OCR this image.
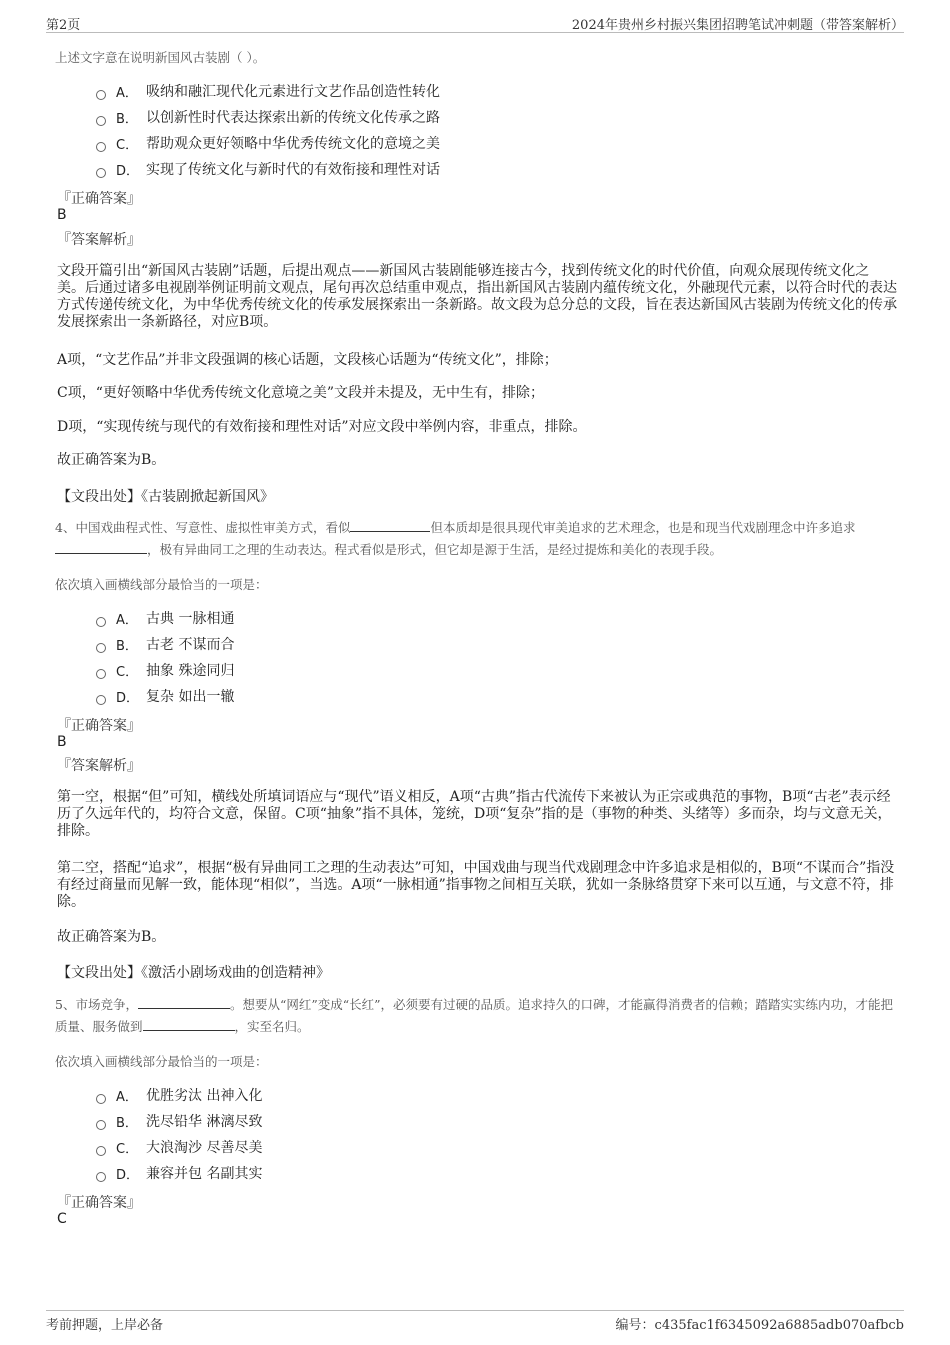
第2页	2024年贵州乡村振兴集团招聘笔试冲刺题（带答案解析）
上述文字意在说明新国风古装剧（ ）。
A． 吸纳和融汇现代化元素进行文艺作品创造性转化
B． 以创新性时代表达探索出新的传统文化传承之路
C． 帮助观众更好领略中华优秀传统文化的意境之美
D． 实现了传统文化与新时代的有效衔接和理性对话
『正确答案』
B
『答案解析』

文段开篇引出“新国风古装剧”话题，后提出观点——新国风古装剧能够连接古今，找到传统文化的时代价值，向观众展现传统文化之美。后通过诸多电视剧举例证明前文观点，尾句再次总结重申观点，指出新国风古装剧内蕴传统文化，外融现代元素，以符合时代的表达方式传递传统文化，为中华优秀传统文化的传承发展探索出一条新路。故文段为总分总的文段，旨在表达新国风古装剧为传统文化的传承发展探索出一条新路径，对应B项。

A项，“文艺作品”并非文段强调的核心话题，文段核心话题为“传统文化”，排除；

C项，“更好领略中华优秀传统文化意境之美”文段并未提及，无中生有，排除；

D项，“实现传统与现代的有效衔接和理性对话”对应文段中举例内容，非重点，排除。

故正确答案为B。

【文段出处】《古装剧掀起新国风》
4、中国戏曲程式性、写意性、虚拟性审美方式，看似	但本质却是很具现代审美追求的艺术理念，也是和现当代戏剧理念中许多追求，极有异曲同工之理的生动表达。程式看似是形式，但它却是源于生活，是经过提炼和美化的表现手段。
依次填入画横线部分最恰当的一项是：
A． 古典 一脉相通
B． 古老 不谋而合
C． 抽象 殊途同归
D． 复杂 如出一辙
『正确答案』
B
『答案解析』

第一空，根据“但”可知，横线处所填词语应与“现代”语义相反，A项“古典”指古代流传下来被认为正宗或典范的事物，B项“古老”表示经历了久远年代的，均符合文意，保留。C项“抽象”指不具体，笼统，D项“复杂”指的是（事物的种类、头绪等）多而杂，均与文意无关，排除。

第二空，搭配“追求”，根据“极有异曲同工之理的生动表达”可知，中国戏曲与现当代戏剧理念中许多追求是相似的，B项“不谋而合”指没有经过商量而见解一致，能体现“相似”，当选。A项“一脉相通”指事物之间相互关联，犹如一条脉络贯穿下来可以互通，与文意不符，排除。

故正确答案为B。

【文段出处】《激活小剧场戏曲的创造精神》
5、市场竞争，	。想要从“网红”变成“长红”，必须要有过硬的品质。追求持久的口碑，才能赢得消费者的信赖；踏踏实实练内功，才能把质量、服务做到	，实至名归。
依次填入画横线部分最恰当的一项是：
A． 优胜劣汰 出神入化
B． 洗尽铅华 淋漓尽致
C． 大浪淘沙 尽善尽美
D． 兼容并包 名副其实
『正确答案』
C
考前押题，上岸必备	编号：c435fac1f6345092a6885adb070afbcb
